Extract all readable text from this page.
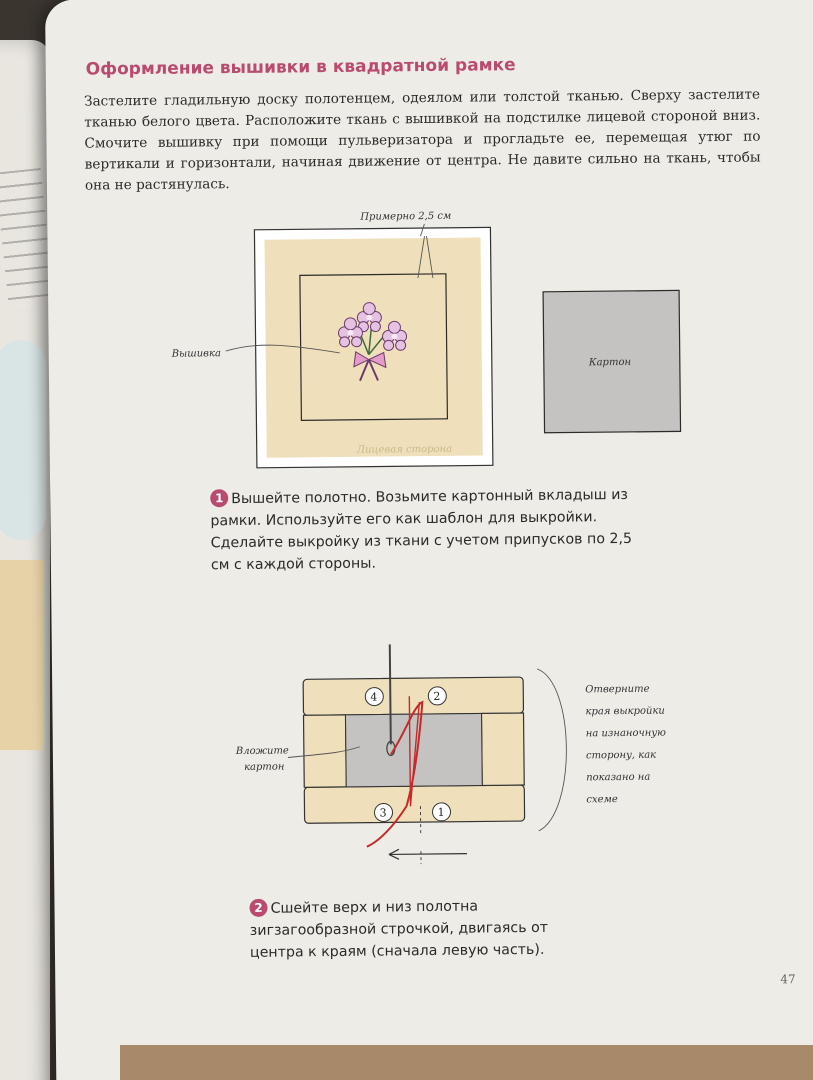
Оформление вышивки в квадратной рамке

Застелите гладильную доску полотенцем, одеялом или толстой тканью. Сверху застелите тканью белого цвета. Расположите ткань с вышивкой на подстилке лицевой стороной вниз. Смочите вышивку при помощи пульверизатора и прогладьте ее, перемещая утюг по вертикали и горизонтали, начиная движение от центра. Не давите сильно на ткань, чтобы она не растянулась.

Примерно 2,5 см
Вышивка
Лицевая сторона
Картон

1 Вышейте полотно. Возьмите картонный вкладыш из рамки. Используйте его как шаблон для выкройки. Сделайте выкройку из ткани с учетом припусков по 2,5 см с каждой стороны.

4	2
3	1
Вложите
картон
Отверните
края выкройки
на изнаночную
сторону, как
показано на
схеме

2 Сшейте верх и низ полотна зигзагообразной строчкой, двигаясь от центра к краям (сначала левую часть).

47
